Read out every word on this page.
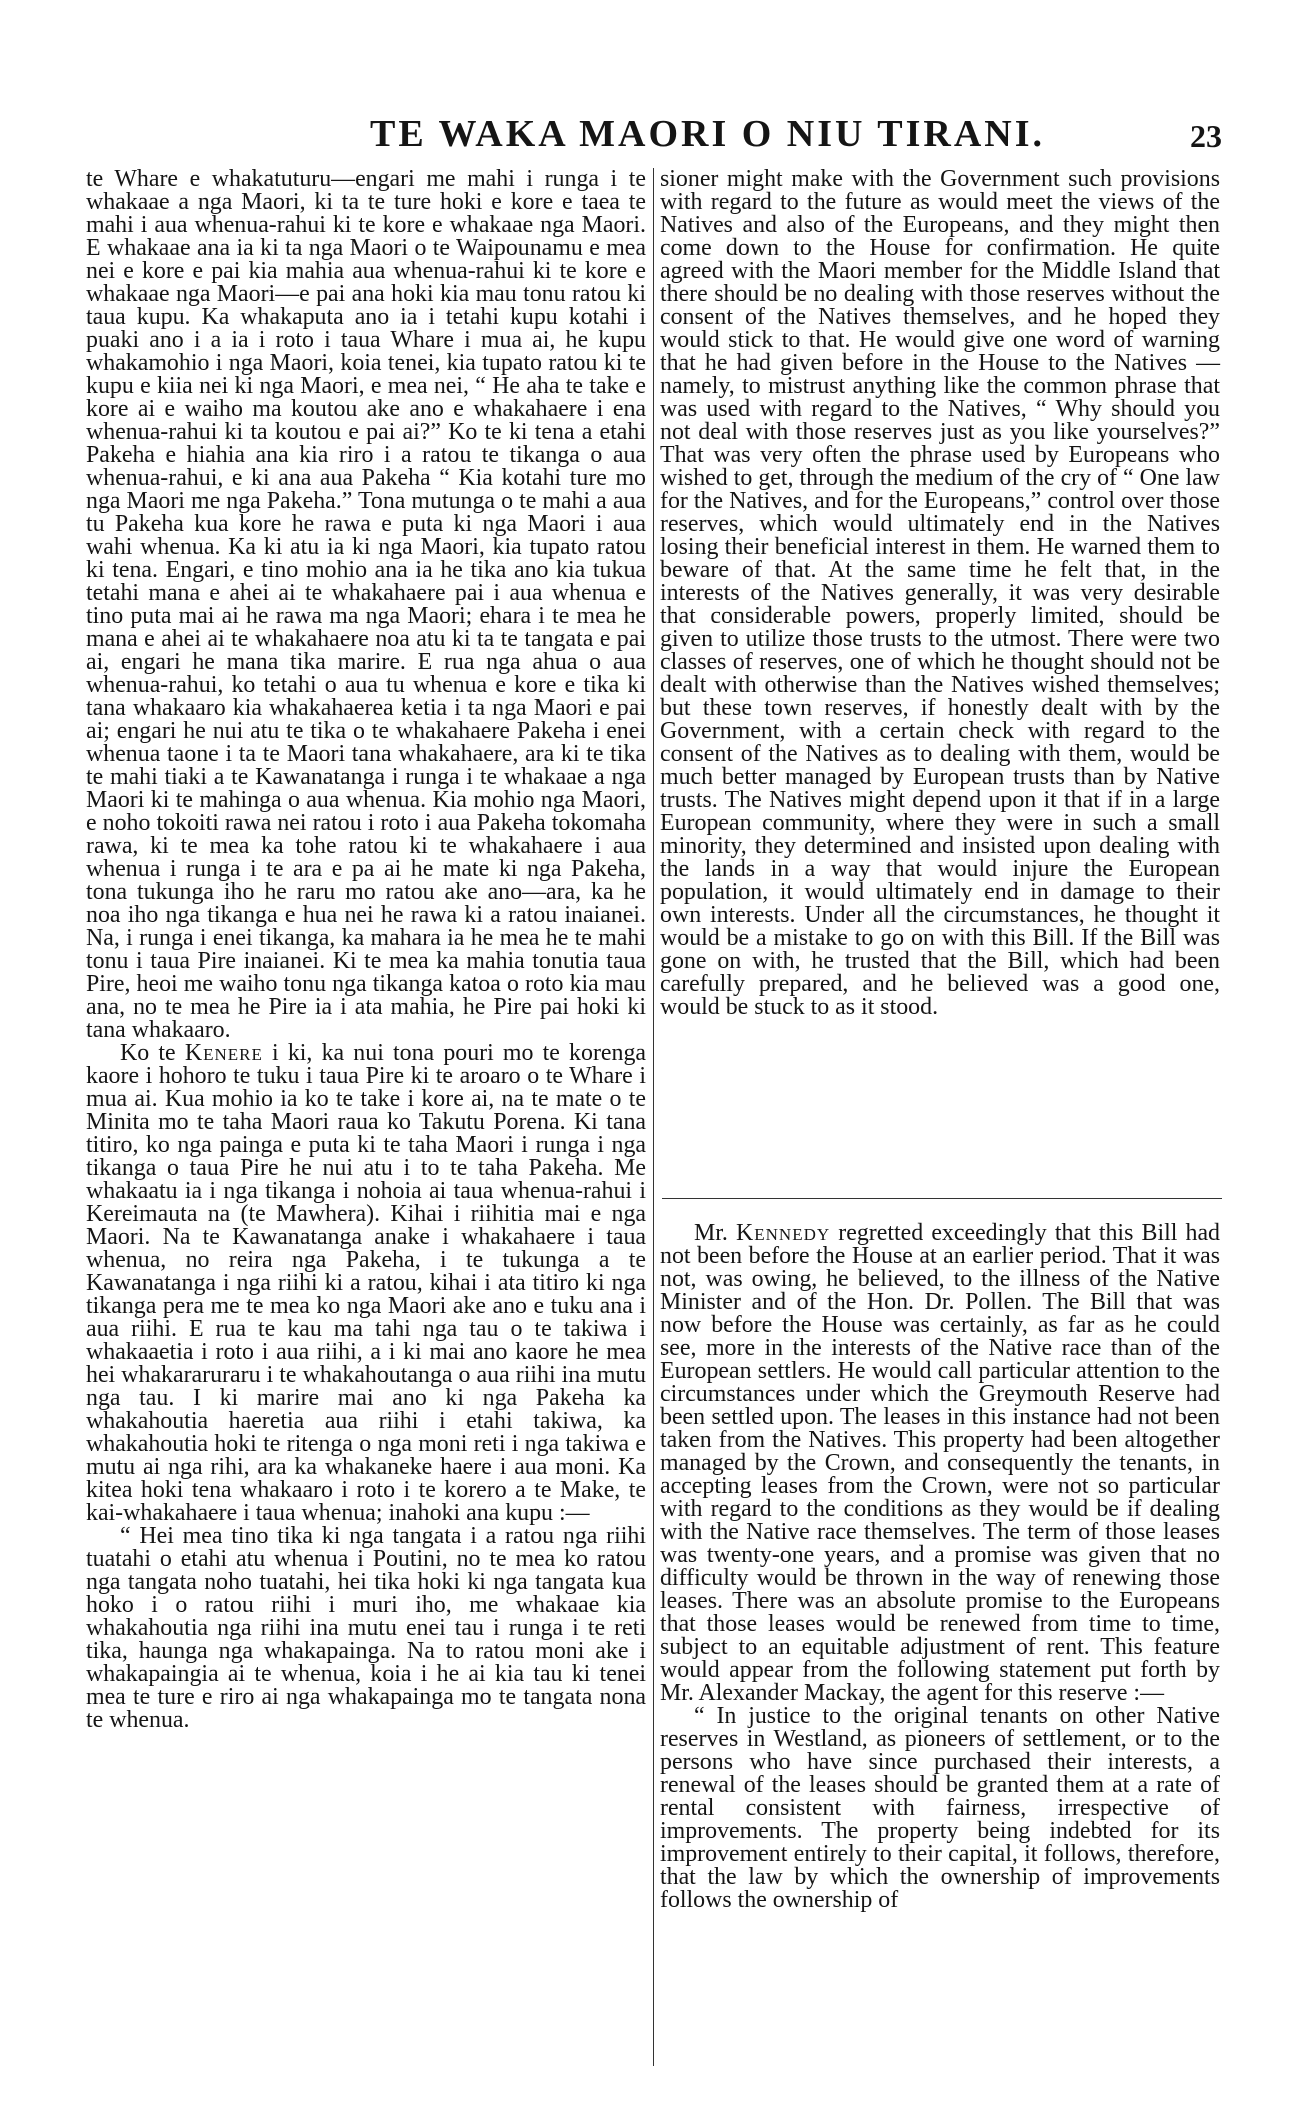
TE WAKA MAORI O NIU TIRANI.	23

te Whare e whakatuturu—engari me mahi i runga i te whakaae a nga Maori, ki ta te ture hoki e kore e taea te mahi i aua whenua-rahui ki te kore e whakaae nga Maori. E whakaae ana ia ki ta nga Maori o te Waipounamu e mea nei e kore e pai kia mahia aua whenua-rahui ki te kore e whakaae nga Maori—e pai ana hoki kia mau tonu ratou ki taua kupu. Ka whakaputa ano ia i tetahi kupu kotahi i puaki ano i a ia i roto i taua Whare i mua ai, he kupu whakamohio i nga Maori, koia tenei, kia tupato ratou ki te kupu e kiia nei ki nga Maori, e mea nei, “ He aha te take e kore ai e waiho ma koutou ake ano e whakahaere i ena whenua-rahui ki ta koutou e pai ai?” Ko te ki tena a etahi Pakeha e hiahia ana kia riro i a ratou te tikanga o aua whenua-rahui, e ki ana aua Pakeha “ Kia kotahi ture mo nga Maori me nga Pakeha.” Tona mutunga o te mahi a aua tu Pakeha kua kore he rawa e puta ki nga Maori i aua wahi whenua. Ka ki atu ia ki nga Maori, kia tupato ratou ki tena. Engari, e tino mohio ana ia he tika ano kia tukua tetahi mana e ahei ai te whakahaere pai i aua whenua e tino puta mai ai he rawa ma nga Maori; ehara i te mea he mana e ahei ai te whakahaere noa atu ki ta te tangata e pai ai, engari he mana tika marire. E rua nga ahua o aua whenua-rahui, ko tetahi o aua tu whenua e kore e tika ki tana whakaaro kia whakahaerea ketia i ta nga Maori e pai ai; engari he nui atu te tika o te whakahaere Pakeha i enei whenua taone i ta te Maori tana whakahaere, ara ki te tika te mahi tiaki a te Kawanatanga i runga i te whakaae a nga Maori ki te mahinga o aua whenua. Kia mohio nga Maori, e noho tokoiti rawa nei ratou i roto i aua Pakeha tokomaha rawa, ki te mea ka tohe ratou ki te whakahaere i aua whenua i runga i te ara e pa ai he mate ki nga Pakeha, tona tukunga iho he raru mo ratou ake ano—ara, ka he noa iho nga tikanga e hua nei he rawa ki a ratou inaianei. Na, i runga i enei tikanga, ka mahara ia he mea he te mahi tonu i taua Pire inaianei. Ki te mea ka mahia tonutia taua Pire, heoi me waiho tonu nga tikanga katoa o roto kia mau ana, no te mea he Pire ia i ata mahia, he Pire pai hoki ki tana whakaaro.

Ko te Kenere i ki, ka nui tona pouri mo te korenga kaore i hohoro te tuku i taua Pire ki te aroaro o te Whare i mua ai. Kua mohio ia ko te take i kore ai, na te mate o te Minita mo te taha Maori raua ko Takutu Porena. Ki tana titiro, ko nga painga e puta ki te taha Maori i runga i nga tikanga o taua Pire he nui atu i to te taha Pakeha. Me whakaatu ia i nga tikanga i nohoia ai taua whenua-rahui i Kereimauta na (te Mawhera). Kihai i riihitia mai e nga Maori. Na te Kawanatanga anake i whakahaere i taua whenua, no reira nga Pakeha, i te tukunga a te Kawanatanga i nga riihi ki a ratou, kihai i ata titiro ki nga tikanga pera me te mea ko nga Maori ake ano e tuku ana i aua riihi. E rua te kau ma tahi nga tau o te takiwa i whakaaetia i roto i aua riihi, a i ki mai ano kaore he mea hei whakararuraru i te whakahoutanga o aua riihi ina mutu nga tau. I ki marire mai ano ki nga Pakeha ka whakahoutia haeretia aua riihi i etahi takiwa, ka whakahoutia hoki te ritenga o nga moni reti i nga takiwa e mutu ai nga rihi, ara ka whakaneke haere i aua moni. Ka kitea hoki tena whakaaro i roto i te korero a te Make, te kai-whakahaere i taua whenua; inahoki ana kupu :—

“ Hei mea tino tika ki nga tangata i a ratou nga riihi tuatahi o etahi atu whenua i Poutini, no te mea ko ratou nga tangata noho tuatahi, hei tika hoki ki nga tangata kua hoko i o ratou riihi i muri iho, me whakaae kia whakahoutia nga riihi ina mutu enei tau i runga i te reti tika, haunga nga whakapainga. Na to ratou moni ake i whakapaingia ai te whenua, koia i he ai kia tau ki tenei mea te ture e riro ai nga whakapainga mo te tangata nona te whenua.

sioner might make with the Government such provisions with regard to the future as would meet the views of the Natives and also of the Europeans, and they might then come down to the House for confirmation. He quite agreed with the Maori member for the Middle Island that there should be no dealing with those reserves without the consent of the Natives themselves, and he hoped they would stick to that. He would give one word of warning that he had given before in the House to the Natives —namely, to mistrust anything like the common phrase that was used with regard to the Natives, “ Why should you not deal with those reserves just as you like yourselves?” That was very often the phrase used by Europeans who wished to get, through the medium of the cry of “ One law for the Natives, and for the Europeans,” control over those reserves, which would ultimately end in the Natives losing their beneficial interest in them. He warned them to beware of that. At the same time he felt that, in the interests of the Natives generally, it was very desirable that considerable powers, properly limited, should be given to utilize those trusts to the utmost. There were two classes of reserves, one of which he thought should not be dealt with otherwise than the Natives wished themselves; but these town reserves, if honestly dealt with by the Government, with a certain check with regard to the consent of the Natives as to dealing with them, would be much better managed by European trusts than by Native trusts. The Natives might depend upon it that if in a large European community, where they were in such a small minority, they determined and insisted upon dealing with the lands in a way that would injure the European population, it would ultimately end in damage to their own interests. Under all the circumstances, he thought it would be a mistake to go on with this Bill. If the Bill was gone on with, he trusted that the Bill, which had been carefully prepared, and he believed was a good one, would be stuck to as it stood.

Mr. Kennedy regretted exceedingly that this Bill had not been before the House at an earlier period. That it was not, was owing, he believed, to the illness of the Native Minister and of the Hon. Dr. Pollen. The Bill that was now before the House was certainly, as far as he could see, more in the interests of the Native race than of the European settlers. He would call particular attention to the circumstances under which the Greymouth Reserve had been settled upon. The leases in this instance had not been taken from the Natives. This property had been altogether managed by the Crown, and consequently the tenants, in accepting leases from the Crown, were not so particular with regard to the conditions as they would be if dealing with the Native race themselves. The term of those leases was twenty-one years, and a promise was given that no difficulty would be thrown in the way of renewing those leases. There was an absolute promise to the Europeans that those leases would be renewed from time to time, subject to an equitable adjustment of rent. This feature would appear from the following statement put forth by Mr. Alexander Mackay, the agent for this reserve :—

“ In justice to the original tenants on other Native reserves in Westland, as pioneers of settlement, or to the persons who have since purchased their interests, a renewal of the leases should be granted them at a rate of rental consistent with fairness, irrespective of improvements. The property being indebted for its improvement entirely to their capital, it follows, therefore, that the law by which the ownership of improvements follows the ownership of
